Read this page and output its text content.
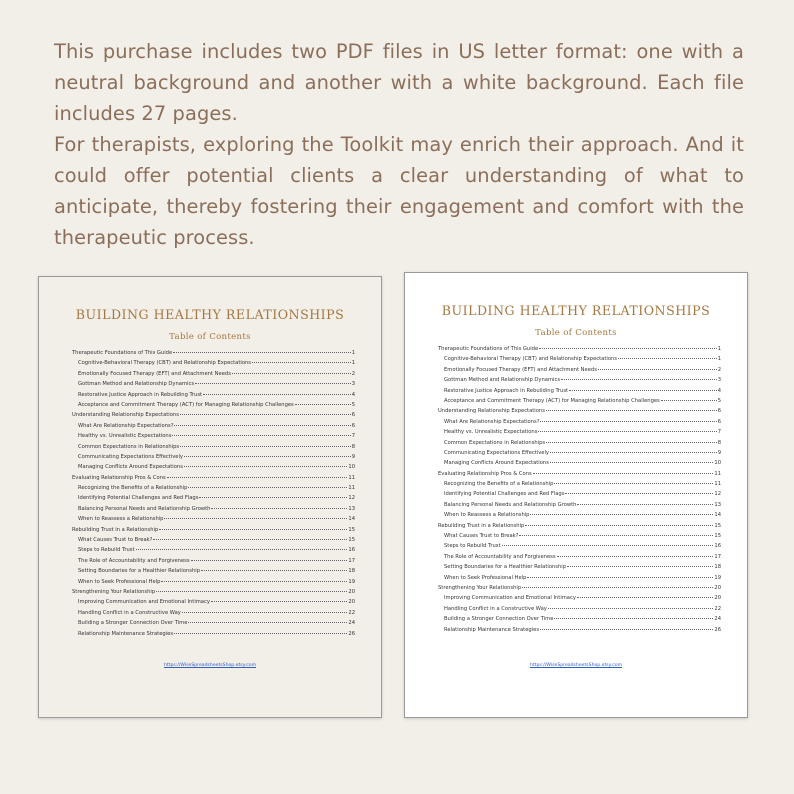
This purchase includes two PDF files in US letter format: one with a neutral background and another with a white background. Each file includes 27 pages.

For therapists, exploring the Toolkit may enrich their approach. And it could offer potential clients a clear understanding of what to anticipate, thereby fostering their engagement and comfort with the therapeutic process.

BUILDING HEALTHY RELATIONSHIPS
Table of Contents
Therapeutic Foundations of This Guide	1
Cognitive-Behavioral Therapy (CBT) and Relationship Expectations	1
Emotionally Focused Therapy (EFT) and Attachment Needs	2
Gottman Method and Relationship Dynamics	3
Restorative Justice Approach in Rebuilding Trust	4
Acceptance and Commitment Therapy (ACT) for Managing Relationship Challenges	5
Understanding Relationship Expectations	6
What Are Relationship Expectations?	6
Healthy vs. Unrealistic Expectations	7
Common Expectations in Relationships	8
Communicating Expectations Effectively	9
Managing Conflicts Around Expectations	10
Evaluating Relationship Pros & Cons	11
Recognizing the Benefits of a Relationship	11
Identifying Potential Challenges and Red Flags	12
Balancing Personal Needs and Relationship Growth	13
When to Reassess a Relationship	14
Rebuilding Trust in a Relationship	15
What Causes Trust to Break?	15
Steps to Rebuild Trust	16
The Role of Accountability and Forgiveness	17
Setting Boundaries for a Healthier Relationship	18
When to Seek Professional Help	19
Strengthening Your Relationship	20
Improving Communication and Emotional Intimacy	20
Handling Conflict in a Constructive Way	22
Building a Stronger Connection Over Time	24
Relationship Maintenance Strategies	26
https://WiseSpreadsheetsShop.etsy.com
BUILDING HEALTHY RELATIONSHIPS
Table of Contents
Therapeutic Foundations of This Guide	1
Cognitive-Behavioral Therapy (CBT) and Relationship Expectations	1
Emotionally Focused Therapy (EFT) and Attachment Needs	2
Gottman Method and Relationship Dynamics	3
Restorative Justice Approach in Rebuilding Trust	4
Acceptance and Commitment Therapy (ACT) for Managing Relationship Challenges	5
Understanding Relationship Expectations	6
What Are Relationship Expectations?	6
Healthy vs. Unrealistic Expectations	7
Common Expectations in Relationships	8
Communicating Expectations Effectively	9
Managing Conflicts Around Expectations	10
Evaluating Relationship Pros & Cons	11
Recognizing the Benefits of a Relationship	11
Identifying Potential Challenges and Red Flags	12
Balancing Personal Needs and Relationship Growth	13
When to Reassess a Relationship	14
Rebuilding Trust in a Relationship	15
What Causes Trust to Break?	15
Steps to Rebuild Trust	16
The Role of Accountability and Forgiveness	17
Setting Boundaries for a Healthier Relationship	18
When to Seek Professional Help	19
Strengthening Your Relationship	20
Improving Communication and Emotional Intimacy	20
Handling Conflict in a Constructive Way	22
Building a Stronger Connection Over Time	24
Relationship Maintenance Strategies	26
https://WiseSpreadsheetsShop.etsy.com
